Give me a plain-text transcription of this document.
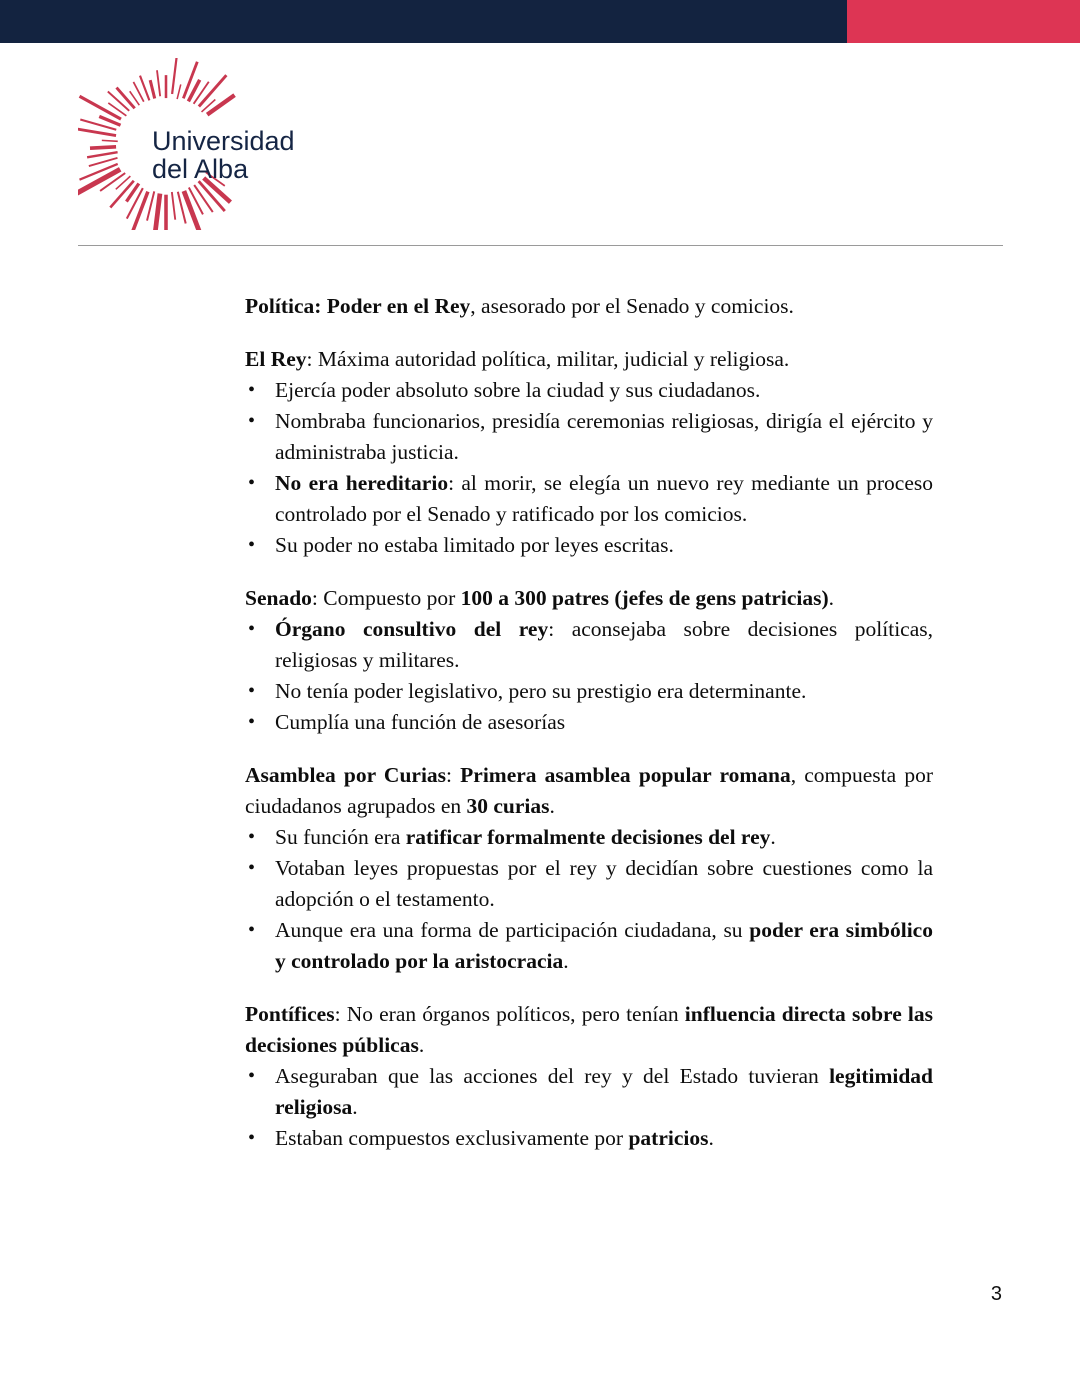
Universidad
del Alba

Política: Poder en el Rey, asesorado por el Senado y comicios.

El Rey: Máxima autoridad política, militar, judicial y religiosa.

• Ejercía poder absoluto sobre la ciudad y sus ciudadanos.
• Nombraba funcionarios, presidía ceremonias religiosas, dirigía el ejército y administraba justicia.
• No era hereditario: al morir, se elegía un nuevo rey mediante un proceso controlado por el Senado y ratificado por los comicios.
• Su poder no estaba limitado por leyes escritas.

Senado: Compuesto por 100 a 300 patres (jefes de gens patricias).

• Órgano consultivo del rey: aconsejaba sobre decisiones políticas, religiosas y militares.
• No tenía poder legislativo, pero su prestigio era determinante.
• Cumplía una función de asesorías

Asamblea por Curias: Primera asamblea popular romana, compuesta por ciudadanos agrupados en 30 curias.

• Su función era ratificar formalmente decisiones del rey.
• Votaban leyes propuestas por el rey y decidían sobre cuestiones como la adopción o el testamento.
• Aunque era una forma de participación ciudadana, su poder era simbólico y controlado por la aristocracia.

Pontífices: No eran órganos políticos, pero tenían influencia directa sobre las decisiones públicas.

• Aseguraban que las acciones del rey y del Estado tuvieran legitimidad religiosa.
• Estaban compuestos exclusivamente por patricios.
3
